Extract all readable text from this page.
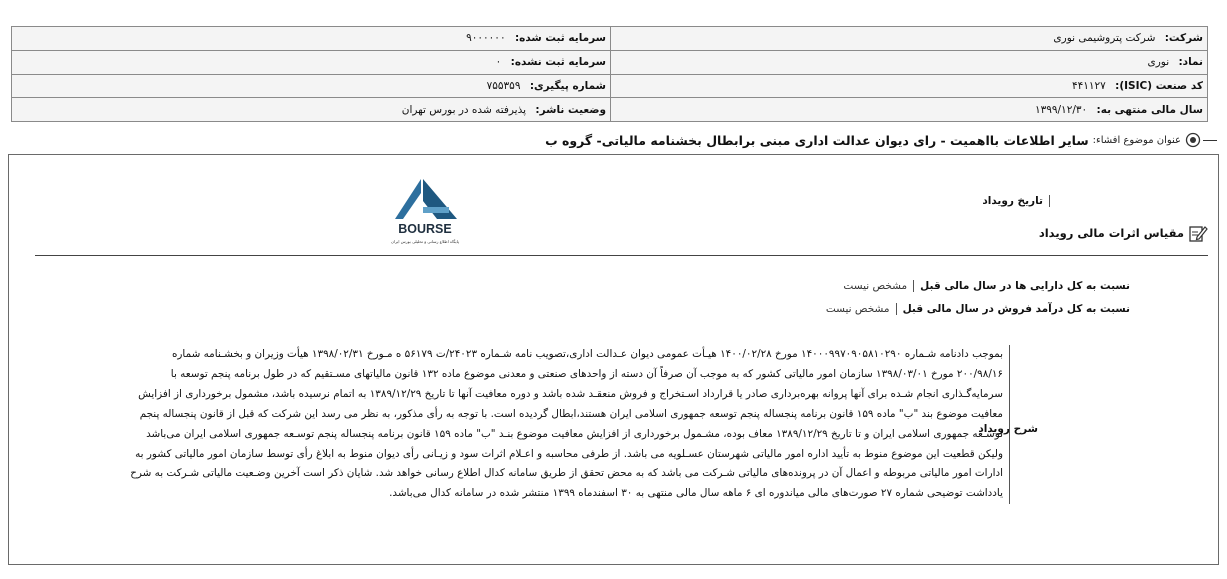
شرکت: شرکت پتروشیمی نوری	سرمایه ثبت شده: ۹۰۰۰۰۰۰
نماد: نوری	سرمایه ثبت نشده: ۰
کد صنعت (ISIC): ۴۴۱۱۲۷	شماره پیگیری: ۷۵۵۳۵۹
سال مالی منتهی به: ۱۳۹۹/۱۲/۳۰	وضعیت ناشر: پذیرفته شده در بورس تهران
عنوان موضوع افشاء:
سایر اطلاعات بااهمیت - رای دیوان عدالت اداری مبنی برابطال بخشنامه مالیاتی- گروه ب
BOURSE
پایگاه اطلاع رسانی و تحلیلی بورس ایران
تاریخ رویداد
مقیاس اثرات مالی رویداد
نسبت به کل دارایی ها در سال مالی قبل
مشخص نیست
نسبت به کل درآمد فروش در سال مالی قبل
مشخص نیست
شرح رویداد
بموجب دادنامه شـماره ۱۴۰۰۰۹۹۷۰۹۰۵۸۱۰۲۹۰ مورخ ۱۴۰۰/۰۲/۲۸ هیـأت عمومی دیوان عـدالت اداری،تصویب نامه شـماره ۲۴۰۲۳/ت ۵۶۱۷۹ ه مـورخ ۱۳۹۸/۰۲/۳۱ هیأت وزیران و بخشـنامه شماره
۲۰۰/۹۸/۱۶ مورخ ۱۳۹۸/۰۳/۰۱ سازمان امور مالیاتی کشور که به موجب آن صرفاً آن دسته از واحدهای صنعتی و معدنی موضوع ماده ۱۳۲ قانون مالیاتهای مسـتقیم که در طول برنامه پنجم توسعه با
سرمایه‌گـذاری انجام شـده برای آنها پروانه بهره‌برداری صادر یا قرارداد اسـتخراج و فروش منعقـد شده باشد و دوره معافیت آنها تا تاریخ ۱۳۸۹/۱۲/۲۹ به اتمام نرسیده باشد، مشمول برخورداری از افزایش
معافیت موضوع بند "ب" ماده ۱۵۹ قانون برنامه پنجساله پنجم توسعه جمهوری اسلامی ایران هستند،ابطال گردیده است. با توجه به رأی مذکور، به نظر می رسد این شرکت که قبل از قانون پنجساله پنجم
توسـعه جمهوری اسلامی ایران و تا تاریخ ۱۳۸۹/۱۲/۲۹ معاف بوده، مشـمول برخورداری از افزایش معافیت موضوع بنـد "ب" ماده ۱۵۹ قانون برنامه پنجساله پنجم توسـعه جمهوری اسلامی ایران می‌باشد
ولیکن قطعیت این موضوع منوط به تأیید اداره امور مالیاتی شهرستان عسـلویه می باشد. از طرفی محاسبه و اعـلام اثرات سود و زیـانی رأی دیوان منوط به ابلاغ رأی توسط سازمان امور مالیاتی کشور به
ادارات امور مالیاتی مربوطه و اعمال آن در پرونده‌های مالیاتی شـرکت می باشد که به محض تحقق از طریق سامانه کدال اطلاع رسانی خواهد شد. شایان ذکر است آخرین وضـعیت مالیاتی شـرکت به شرح
یادداشت توضیحی شماره ۲۷ صورت‌های مالی میاندوره ای ۶ ماهه سال مالی منتهی به ۳۰ اسفندماه ۱۳۹۹ منتشر شده در سامانه کدال می‌باشد.
